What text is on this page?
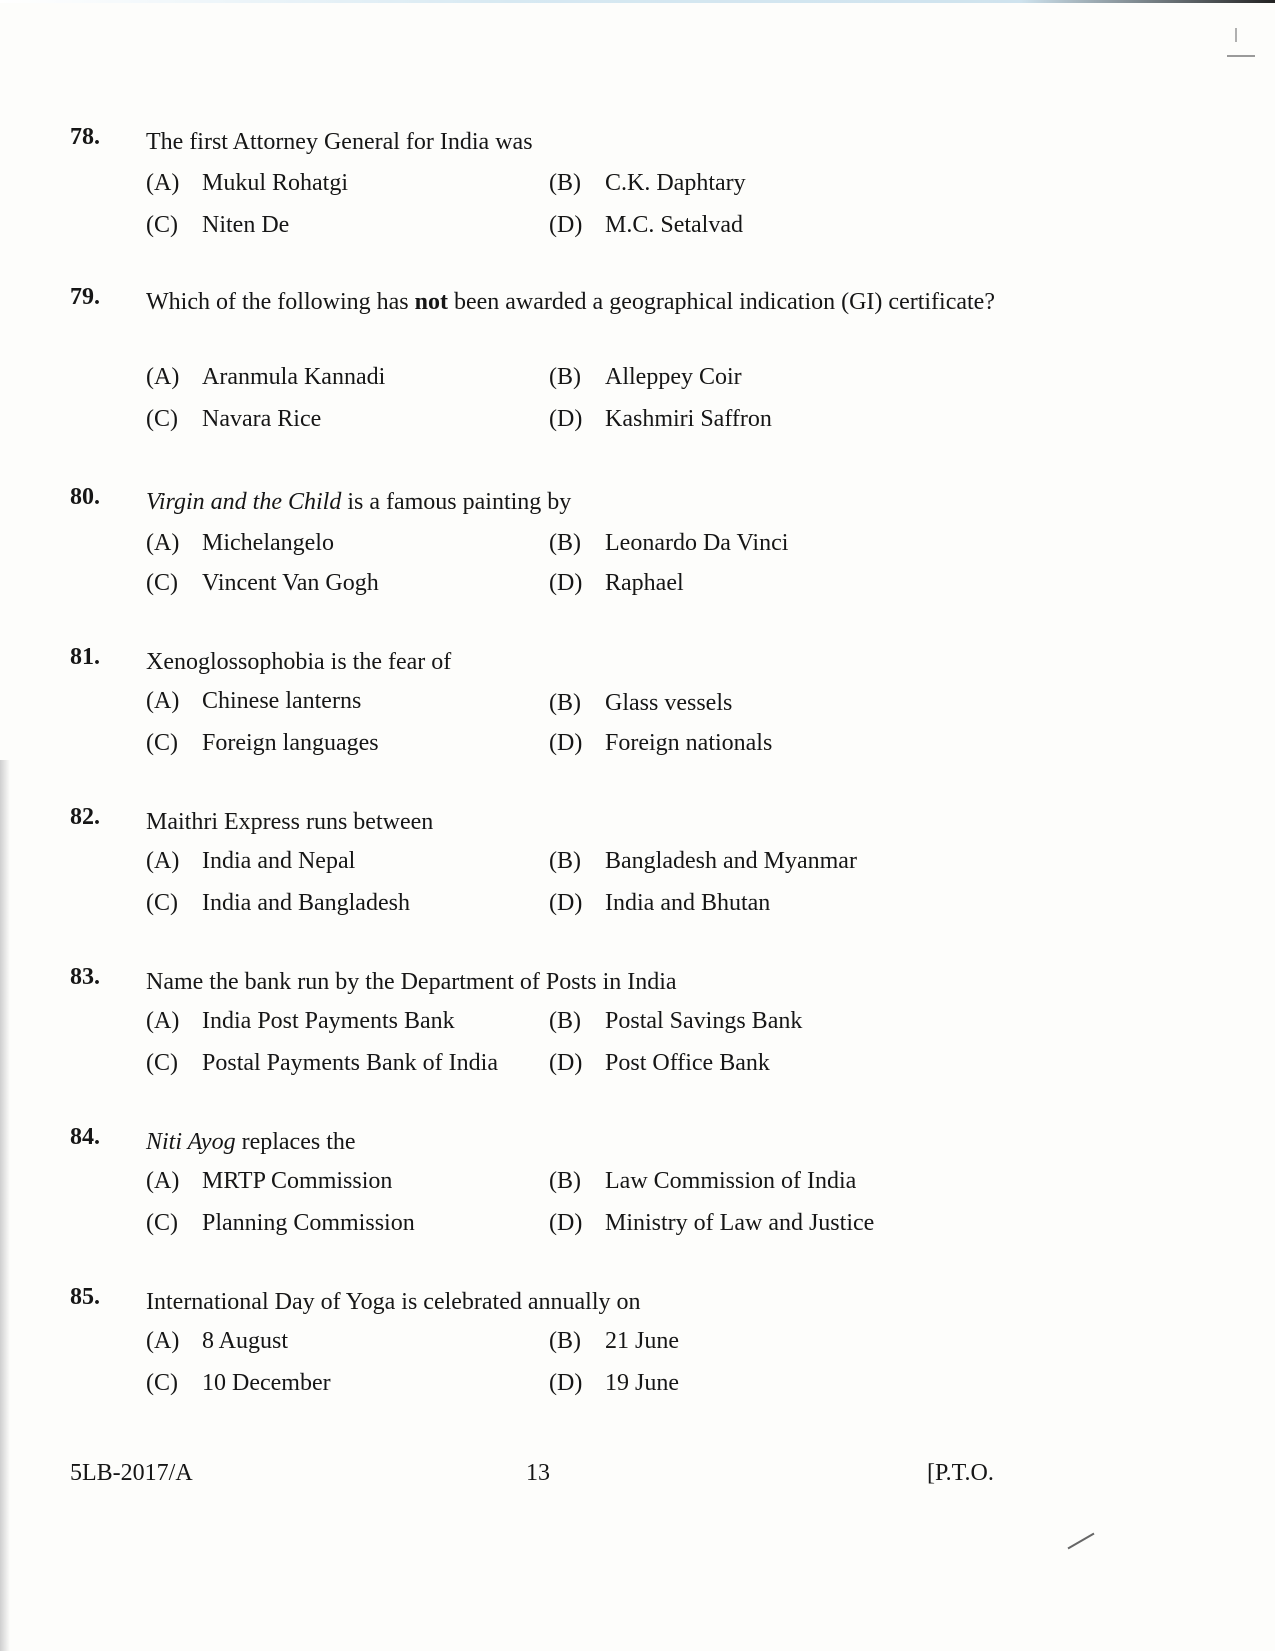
78. The first Attorney General for India was
(A) Mukul Rohatgi	(B) C.K. Daphtary
(C) Niten De	(D) M.C. Setalvad
79. Which of the following has not been awarded a geographical indication (GI) certificate?
(A) Aranmula Kannadi	(B) Alleppey Coir
(C) Navara Rice	(D) Kashmiri Saffron
80. Virgin and the Child is a famous painting by
(A) Michelangelo	(B) Leonardo Da Vinci
(C) Vincent Van Gogh	(D) Raphael
81. Xenoglossophobia is the fear of
(A) Chinese lanterns	(B) Glass vessels
(C) Foreign languages	(D) Foreign nationals
82. Maithri Express runs between
(A) India and Nepal	(B) Bangladesh and Myanmar
(C) India and Bangladesh	(D) India and Bhutan
83. Name the bank run by the Department of Posts in India
(A) India Post Payments Bank	(B) Postal Savings Bank
(C) Postal Payments Bank of India (D) Post Office Bank
84. Niti Ayog replaces the
(A) MRTP Commission	(B) Law Commission of India
(C) Planning Commission	(D) Ministry of Law and Justice
85. International Day of Yoga is celebrated annually on
(A) 8 August	(B) 21 June
(C) 10 December	(D) 19 June
5LB-2017/A	13	[P.T.O.
